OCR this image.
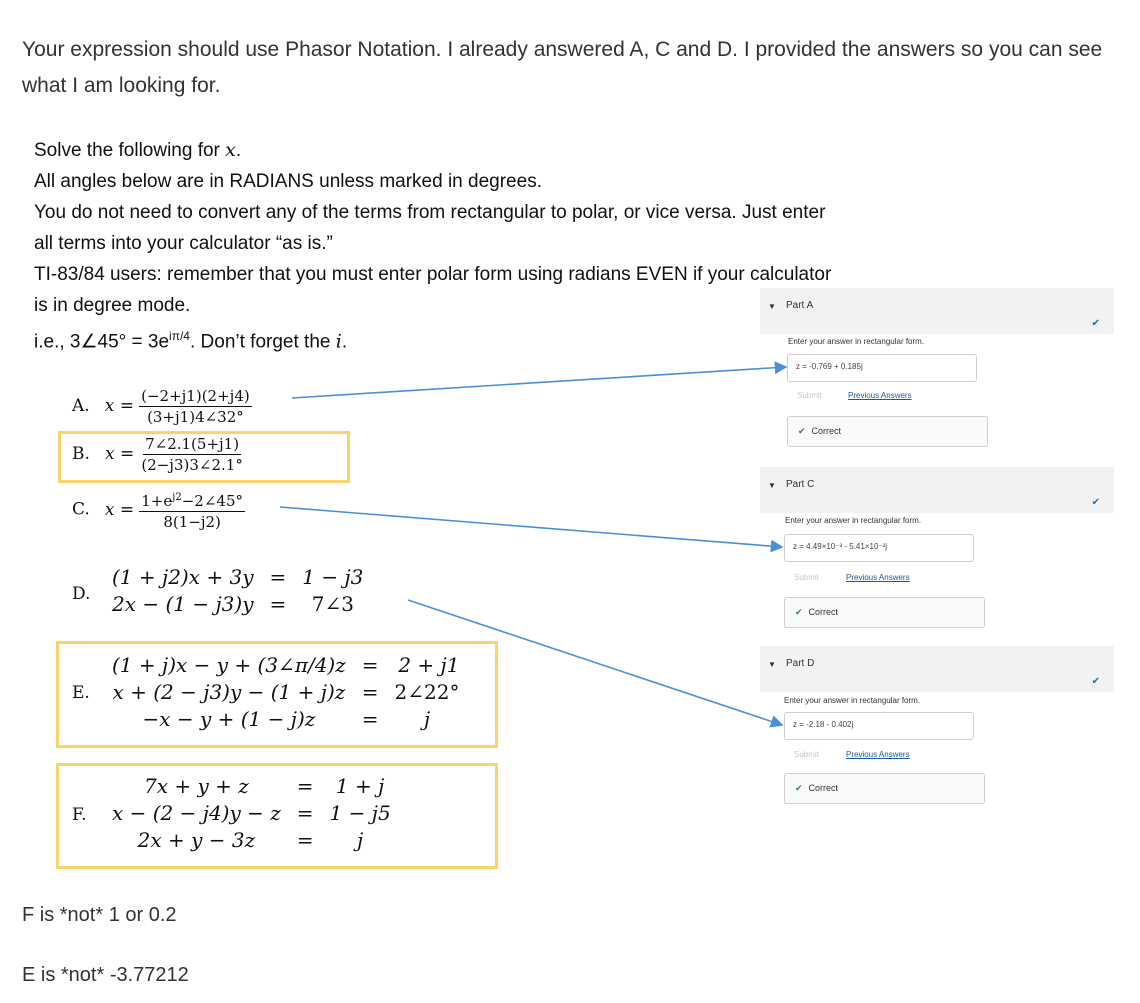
Your expression should use Phasor Notation. I already answered A, C and D. I provided the answers so you can see what I am looking for.
Solve the following for x.
All angles below are in RADIANS unless marked in degrees.
You do not need to convert any of the terms from rectangular to polar, or vice versa. Just enter
all terms into your calculator “as is.”
TI-83/84 users: remember that you must enter polar form using radians EVEN if your calculator
is in degree mode.
i.e., 3∠45° = $3e^{i\pi/4}$. Don’t forget the i.
A. $x = \frac{(-2+j1)(2+j4)}{(3+j1)4\angle 32^\circ}$
B. $x = \frac{7\angle 2.1(5+j1)}{(2-j3)3\angle 2.1^\circ}$
C. $x = \frac{1+e^{j2}-2\angle 45^\circ}{8(1-j2)}$
D.
(1 + j2)x + 3y	=	1 − j3
2x − (1 − j3)y	=	7∠3
E.
(1 + j)x − y + (3∠π/4)z	=	2 + j1
x + (2 − j3)y − (1 + j)z	=	2∠22°
−x − y + (1 − j)z	=	j
F.
7x + y + z	=	1 + j
x − (2 − j4)y − z	=	1 − j5
2x + y − 3z	=	j
F is *not* 1 or 0.2
E is *not* -3.77212
▼ Part A
✔
Enter your answer in rectangular form.
z = -0.769 + 0.185j
Submit	Previous Answers
✔ Correct
▼ Part C
✔
Enter your answer in rectangular form.
z = 4.49×10⁻³ - 5.41×10⁻²j
Submit	Previous Answers
✔ Correct
▼ Part D
✔
Enter your answer in rectangular form.
z = -2.18 - 0.402j
Submit	Previous Answers
✔ Correct
